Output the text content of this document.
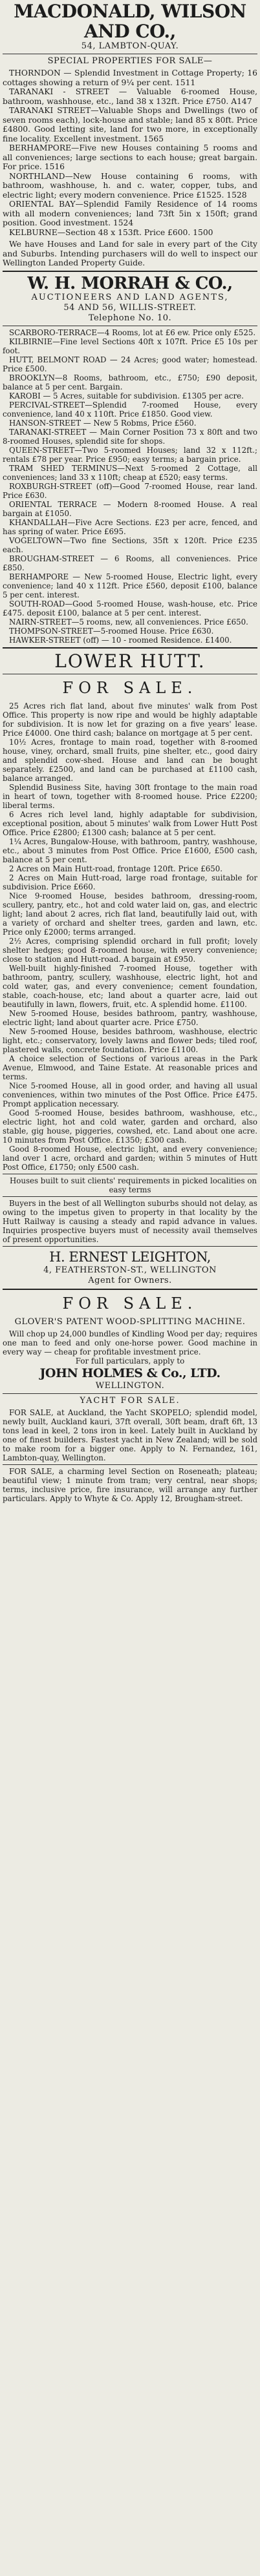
MACDONALD, WILSON AND CO.,
54, LAMBTON-QUAY.
SPECIAL PROPERTIES FOR SALE—

THORNDON — Splendid Investment in Cottage Property; 16 cottages showing a return of 9¼ per cent. 1511

TARANAKI - STREET — Valuable 6-roomed House, bathroom, washhouse, etc., land 38 x 132ft. Price £750. A147

TARANAKI STREET—Valuable Shops and Dwellings (two of seven rooms each), lock-house and stable; land 85 x 80ft. Price £4800. Good letting site, land for two more, in exceptionally fine locality. Excellent investment. 1565

BERHAMPORE—Five new Houses containing 5 rooms and all conveniences; large sections to each house; great bargain. For price. 1516

NORTHLAND—New House containing 6 rooms, with bathroom, washhouse, h. and c. water, copper, tubs, and electric light; every modern convenience. Price £1525. 1528

ORIENTAL BAY—Splendid Family Residence of 14 rooms with all modern conveniences; land 73ft 5in x 150ft; grand position. Good investment. 1524

KELBURNE—Section 48 x 153ft. Price £600. 1500

We have Houses and Land for sale in every part of the City and Suburbs. Intending purchasers will do well to inspect our Wellington Landed Property Guide.

W. H. MORRAH & CO.,
AUCTIONEERS AND LAND AGENTS,
54 AND 56, WILLIS-STREET.
Telephone No. 10.

SCARBORO-TERRACE—4 Rooms, lot at £6 ew. Price only £525.

KILBIRNIE—Fine level Sections 40ft x 107ft. Price £5 10s per foot.

HUTT, BELMONT ROAD — 24 Acres; good water; homestead. Price £500.

BROOKLYN—8 Rooms, bathroom, etc., £750; £90 deposit, balance at 5 per cent. Bargain.

KAROBI — 5 Acres, suitable for subdivision. £1305 per acre.

PERCIVAL-STREET—Splendid 7-roomed House, every convenience, land 40 x 110ft. Price £1850. Good view.

HANSON-STREET — New 5 Robms, Price £560.

TARANAKI-STREET — Main Corner Position 73 x 80ft and two 8-roomed Houses, splendid site for shops.

QUEEN-STREET—Two 5-roomed Houses; land 32 x 112ft.; rentals £78 per year. Price £950; easy terms; a bargain price.

TRAM SHED TERMINUS—Next 5-roomed 2 Cottage, all conveniences; land 33 x 110ft; cheap at £520; easy terms.

ROXBURGH-STREET (off)—Good 7-roomed House, rear land. Price £630.

ORIENTAL TERRACE — Modern 8-roomed House. A real bargain at £1050.

KHANDALLAH—Five Acre Sections. £23 per acre, fenced, and has spring of water. Price £695.

VOGELTOWN—Two fine Sections, 35ft x 120ft. Price £235 each.

BROUGHAM-STREET — 6 Rooms, all conveniences. Price £850.

BERHAMPORE — New 5-roomed House, Electric light, every convenience; land 40 x 112ft. Price £560, deposit £100, balance 5 per cent. interest.

SOUTH-ROAD—Good 5-roomed House, wash-house, etc. Price £475. deposit £100, balance at 5 per cent. interest.

NAIRN-STREET—5 rooms, new, all conveniences. Price £650.

THOMPSON-STREET—5-roomed House. Price £630.

HAWKER-STREET (off) — 10 - roomed Residence. £1400.

LOWER HUTT.
FOR SALE.

25 Acres rich flat land, about five minutes' walk from Post Office. This property is now ripe and would be highly adaptable for subdivision. It is now let for grazing on a five years' lease. Price £4000. One third cash; balance on mortgage at 5 per cent.

10½ Acres, frontage to main road, together with 8-roomed house, viney, orchard, small fruits, pine shelter, etc., good dairy and splendid cow-shed. House and land can be bought separately. £2500, and land can be purchased at £1100 cash, balance arranged.

Splendid Business Site, having 30ft frontage to the main road in heart of town, together with 8-roomed house. Price £2200; liberal terms.

6 Acres rich level land, highly adaptable for subdivision, exceptional position, about 5 minutes' walk from Lower Hutt Post Office. Price £2800; £1300 cash; balance at 5 per cent.

1¼ Acres, Bungalow-House, with bathroom, pantry, washhouse, etc., about 3 minutes from Post Office. Price £1600, £500 cash, balance at 5 per cent.

2 Acres on Main Hutt-road, frontage 120ft. Price £650.

2 Acres on Main Hutt-road, large road frontage, suitable for subdivision. Price £660.

Nice 9-roomed House, besides bathroom, dressing-room, scullery, pantry, etc., hot and cold water laid on, gas, and electric light; land about 2 acres, rich flat land, beautifully laid out, with a variety of orchard and shelter trees, garden and lawn, etc. Price only £2000; terms arranged.

2½ Acres, comprising splendid orchard in full profit; lovely shelter hedges; good 8-roomed house, with every convenience; close to station and Hutt-road. A bargain at £950.

Well-built highly-finished 7-roomed House, together with bathroom, pantry, scullery, washhouse, electric light, hot and cold water, gas, and every convenience; cement foundation, stable, coach-house, etc; land about a quarter acre, laid out beautifully in lawn, flowers, fruit, etc. A splendid home. £1100.

New 5-roomed House, besides bathroom, pantry, washhouse, electric light; land about quarter acre. Price £750.

New 5-roomed House, besides bathroom, washhouse, electric light, etc.; conservatory, lovely lawns and flower beds; tiled roof, plastered walls, concrete foundation. Price £1100.

A choice selection of Sections of various areas in the Park Avenue, Elmwood, and Taine Estate. At reasonable prices and terms.

Nice 5-roomed House, all in good order, and having all usual conveniences, within two minutes of the Post Office. Price £475. Prompt application necessary.

Good 5-roomed House, besides bathroom, washhouse, etc., electric light, hot and cold water, garden and orchard, also stable, gig house, piggeries, cowshed, etc. Land about one acre. 10 minutes from Post Office. £1350; £300 cash.

Good 8-roomed House, electric light, and every convenience; land over 1 acre, orchard and garden; within 5 minutes of Hutt Post Office, £1750; only £500 cash.

Houses built to suit clients' requirements in picked localities on easy terms

Buyers in the best of all Wellington suburbs should not delay, as owing to the impetus given to property in that locality by the Hutt Railway is causing a steady and rapid advance in values. Inquiries prospective buyers must of necessity avail themselves of present opportunities.

H. ERNEST LEIGHTON,
4, FEATHERSTON-ST., WELLINGTON
Agent for Owners.
FOR SALE.
GLOVER'S PATENT WOOD-SPLITTING MACHINE.

Will chop up 24,000 bundles of Kindling Wood per day; requires one man to feed and only one-horse power. Good machine in every way — cheap for profitable investment price.

For full particulars, apply to

JOHN HOLMES & Co., LTD.
WELLINGTON.
YACHT FOR SALE.

FOR SALE, at Auckland, the Yacht SKOPELO; splendid model, newly built, Auckland kauri, 37ft overall, 30ft beam, draft 6ft, 13 tons lead in keel, 2 tons iron in keel. Lately built in Auckland by one of finest builders. Fastest yacht in New Zealand; will be sold to make room for a bigger one. Apply to N. Fernandez, 161, Lambton-quay, Wellington.

FOR SALE, a charming level Section on Roseneath; plateau; beautiful view; 1 minute from tram; very central, near shops; terms, inclusive price, fire insurance, will arrange any further particulars. Apply to Whyte & Co. Apply 12, Brougham-street.
